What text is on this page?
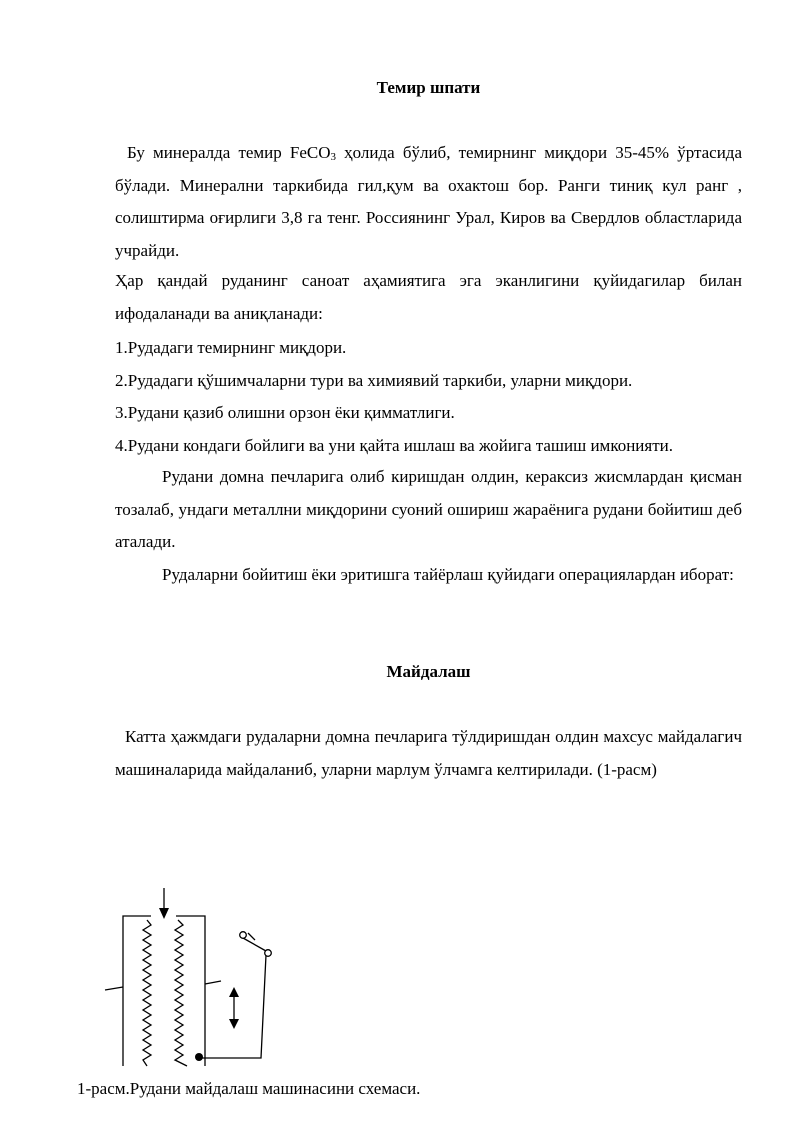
Темир шпати

Бу минералда темир FeCO$_3$ ҳолида бўлиб, темирнинг миқдори 35-45% ўртасида бўлади. Минерални таркибида гил,қум ва охактош бор. Ранги тиниқ кул ранг , солиштирма оғирлиги 3,8 га тенг. Россиянинг Урал, Киров ва Свердлов областларида учрайди.

Ҳар қандай руданинг саноат аҳамиятига эга эканлигини қуйидагилар билан ифодаланади ва аниқланади:

1.Рудадаги темирнинг миқдори.
2.Рудадаги қўшимчаларни тури ва химиявий таркиби, уларни миқдори.
3.Рудани қазиб олишни орзон ёки қимматлиги.
4.Рудани кондаги бойлиги ва уни қайта ишлаш ва жойига ташиш имконияти.

Рудани домна печларига олиб киришдан олдин, кераксиз жисмлардан қисман тозалаб, ундаги металлни миқдорини суоний ошириш жараёнига рудани бойитиш деб аталади.

Рудаларни бойитиш ёки эритишга тайёрлаш қуйидаги операциялардан иборат:

Майдалаш

Катта ҳажмдаги рудаларни домна печларига тўлдиришдан олдин махсус майдалагич машиналарида майдаланиб, уларни марлум ўлчамга келтирилади. (1-расм)

1-расм.Рудани майдалаш машинасини схемаси.
